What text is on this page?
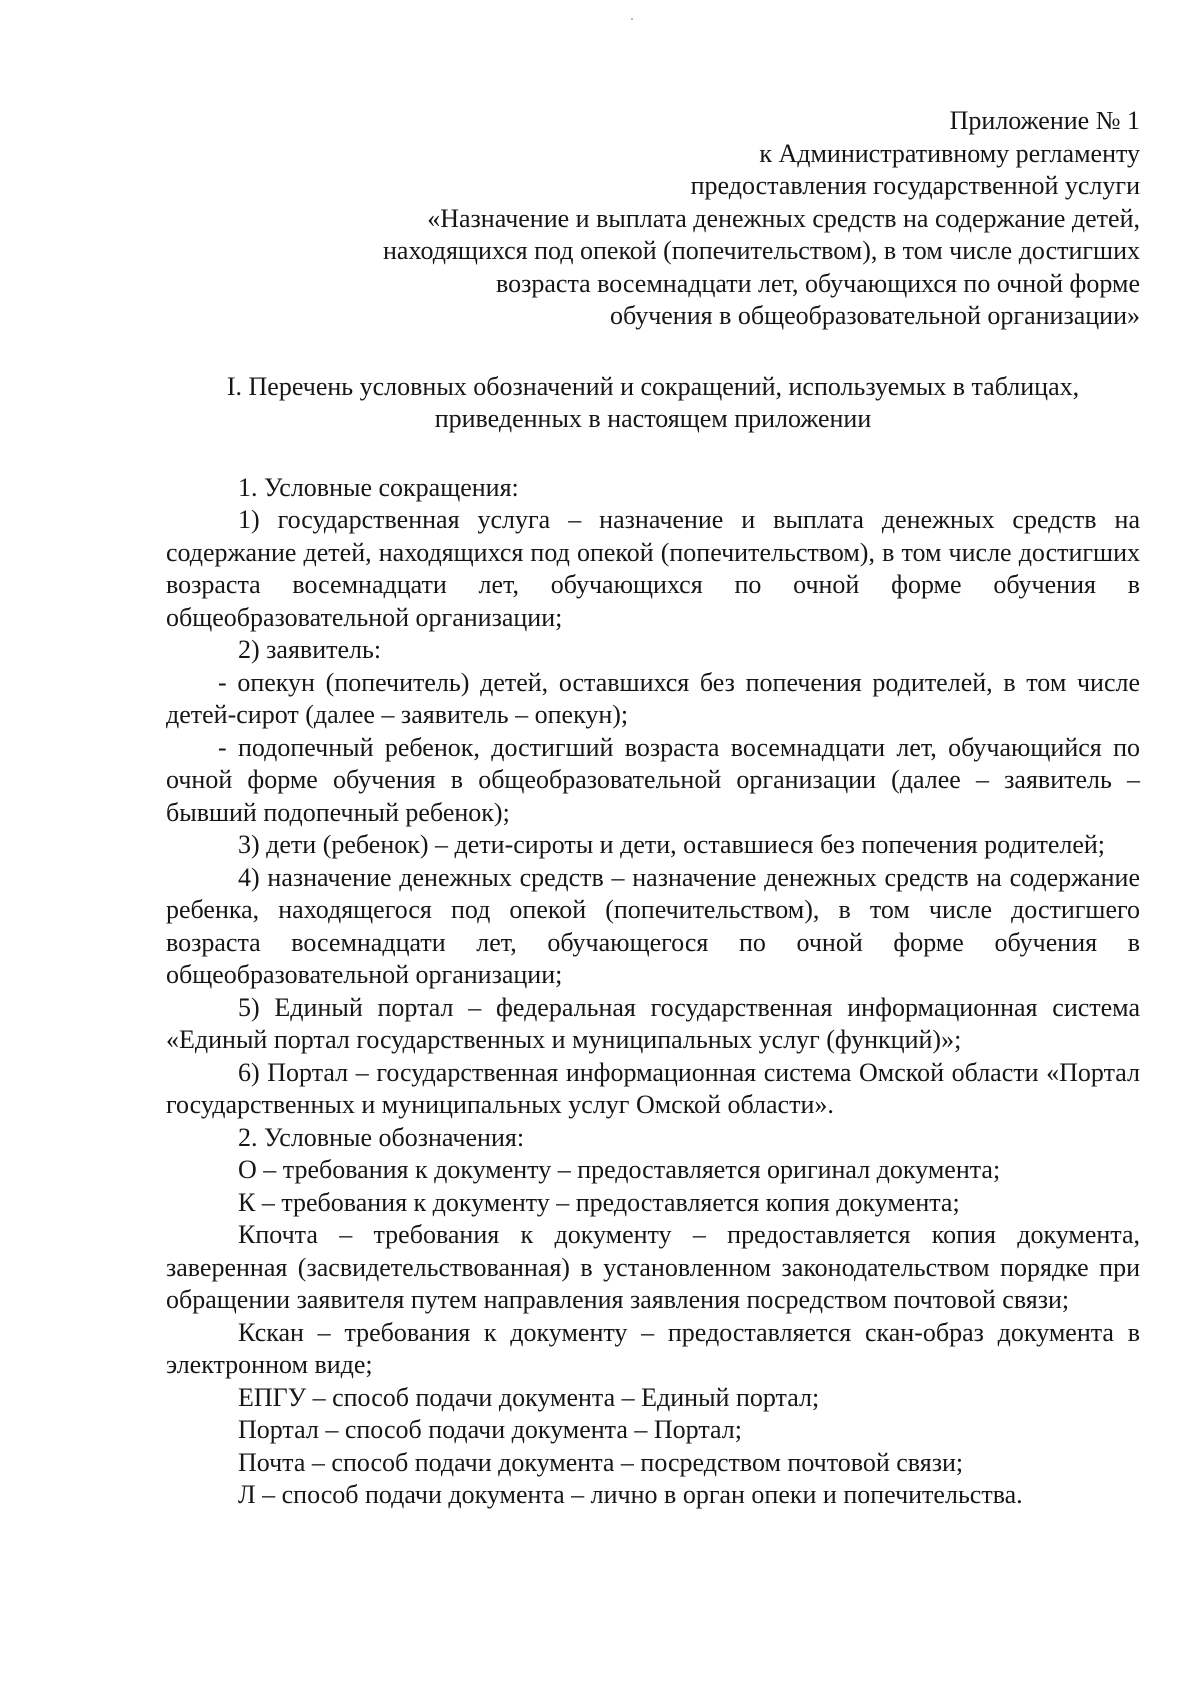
Приложение № 1
к Административному регламенту
предоставления государственной услуги
«Назначение и выплата денежных средств на содержание детей,
находящихся под опекой (попечительством), в том числе достигших
возраста восемнадцати лет, обучающихся по очной форме
обучения в общеобразовательной организации»
I. Перечень условных обозначений и сокращений, используемых в таблицах,
приведенных в настоящем приложении

1. Условные сокращения:

1) государственная услуга – назначение и выплата денежных средств на содержание детей, находящихся под опекой (попечительством), в том числе достигших возраста восемнадцати лет, обучающихся по очной форме обучения в общеобразовательной организации;

2) заявитель:

- опекун (попечитель) детей, оставшихся без попечения родителей, в том числе детей-сирот (далее – заявитель – опекун);

- подопечный ребенок, достигший возраста восемнадцати лет, обучающийся по очной форме обучения в общеобразовательной организации (далее – заявитель – бывший подопечный ребенок);

3) дети (ребенок) – дети-сироты и дети, оставшиеся без попечения родителей;

4) назначение денежных средств – назначение денежных средств на содержание ребенка, находящегося под опекой (попечительством), в том числе достигшего возраста восемнадцати лет, обучающегося по очной форме обучения в общеобразовательной организации;

5) Единый портал – федеральная государственная информационная система «Единый портал государственных и муниципальных услуг (функций)»;

6) Портал – государственная информационная система Омской области «Портал государственных и муниципальных услуг Омской области».

2. Условные обозначения:

О – требования к документу – предоставляется оригинал документа;

К – требования к документу – предоставляется копия документа;

Кпочта – требования к документу – предоставляется копия документа, заверенная (засвидетельствованная) в установленном законодательством порядке при обращении заявителя путем направления заявления посредством почтовой связи;

Кскан – требования к документу – предоставляется скан-образ документа в электронном виде;

ЕПГУ – способ подачи документа – Единый портал;

Портал – способ подачи документа – Портал;

Почта – способ подачи документа – посредством почтовой связи;

Л – способ подачи документа – лично в орган опеки и попечительства.
